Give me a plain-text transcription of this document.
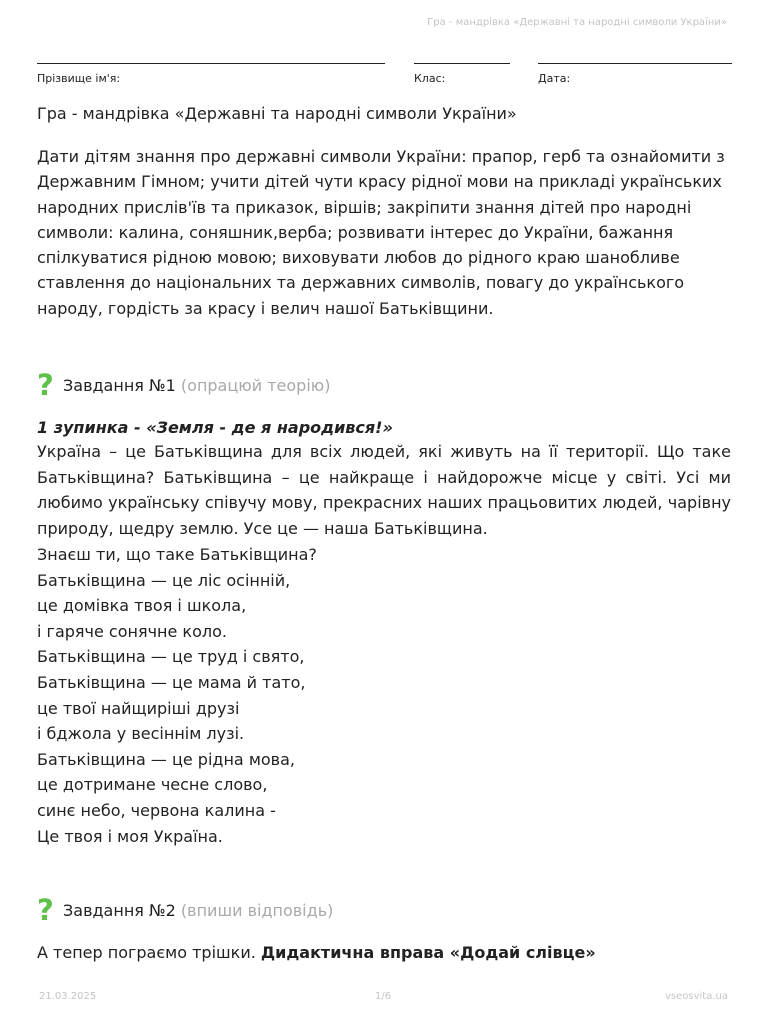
Гра - мандрівка «Державні та народні символи України»
Прізвище ім'я:	Клас:	Дата:
Гра - мандрівка «Державні та народні символи України»

Дати дітям знання про державні символи України: прапор, герб та ознайомити з Державним Гімном; учити дітей чути красу рідної мови на прикладі українських народних прислів'їв та приказок, віршів; закріпити знання дітей про народні символи: калина, соняшник,верба; розвивати інтерес до України, бажання спілкуватися рідною мовою; виховувати любов до рідного краю шанобливе ставлення до національних та державних символів, повагу до українського народу, гордість за красу і велич нашої Батьківщини.

? Завдання №1 (опрацюй теорію)
1 зупинка - «Земля - де я народився!»

Україна – це Батьківщина для всіх людей, які живуть на її території. Що таке Батьківщина? Батьківщина – це найкраще і найдорожче місце у світі. Усі ми любимо українську співучу мову, прекрасних наших працьовитих людей, чарівну природу, щедру землю. Усе це — наша Батьківщина.

Знаєш ти, що таке Батьківщина?
Батьківщина — це ліс осінній,
це домівка твоя і школа,
і гаряче сонячне коло.
Батьківщина — це труд і свято,
Батьківщина — це мама й тато,
це твої найщиріші друзі
і бджола у весіннім лузі.
Батьківщина — це рідна мова,
це дотримане чесне слово,
синє небо, червона калина -
Це твоя і моя Україна.
? Завдання №2 (впиши відповідь)
А тепер пограємо трішки. Дидактична вправа «Додай слівце»
21.03.2025	1/6	vseosvita.ua
